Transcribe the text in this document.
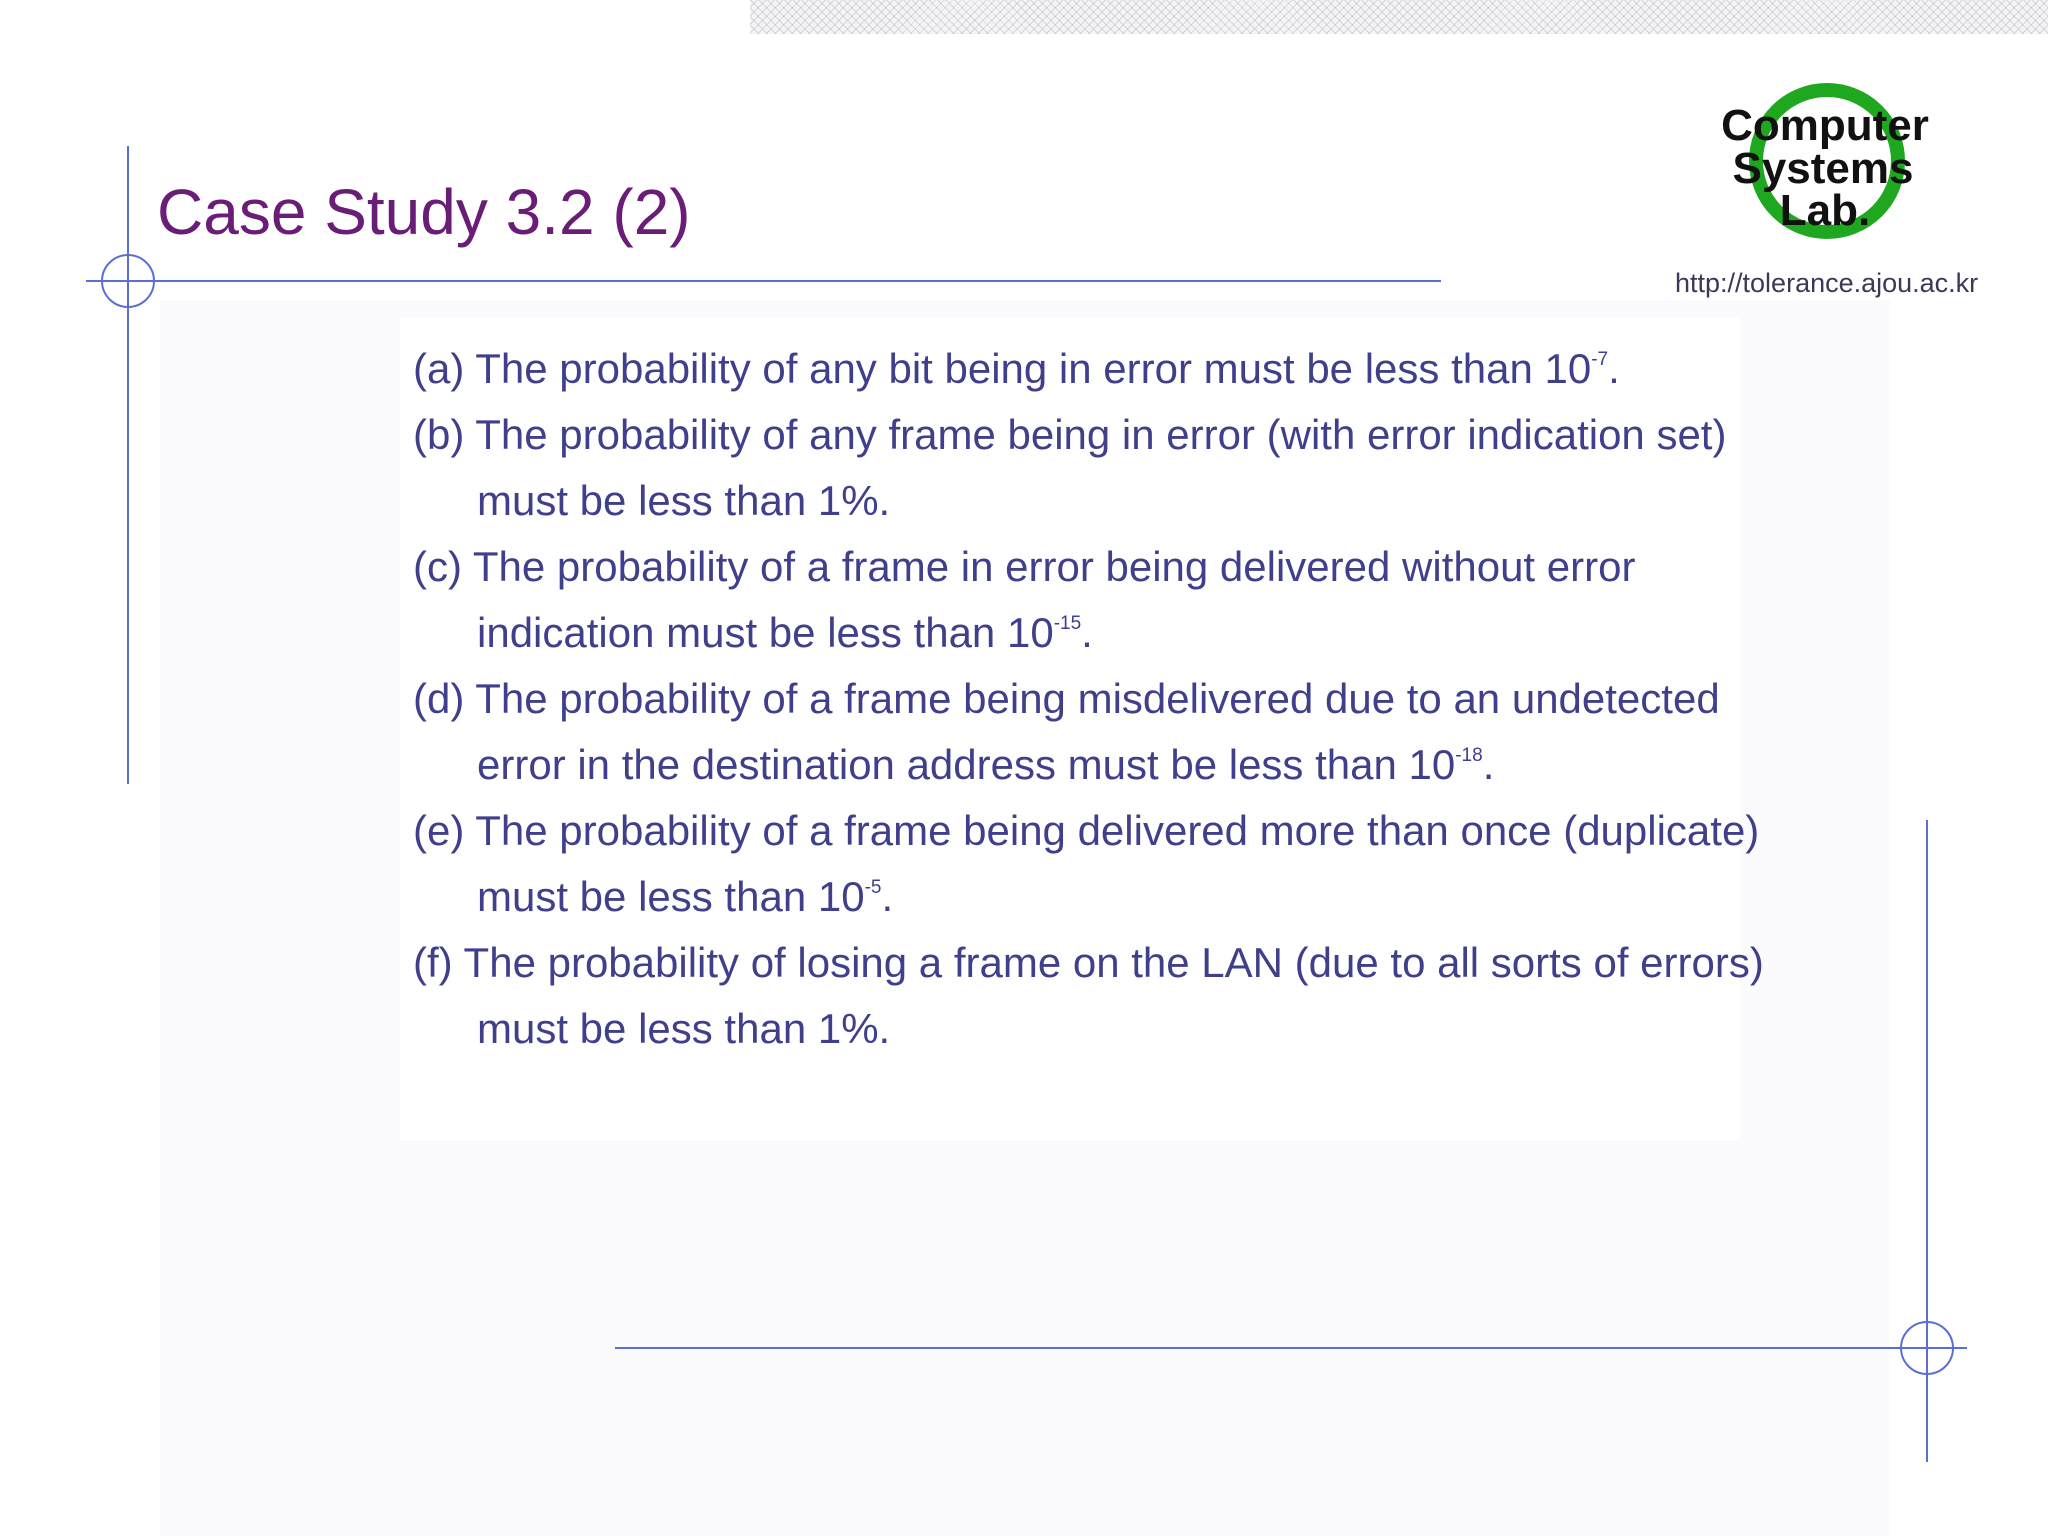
Case Study 3.2 (2)
Computer
Systems
Lab.
http://tolerance.ajou.ac.kr
(a) The probability of any bit being in error must be less than $10^{-7}$.
(b) The probability of any frame being in error (with error indication set) must be less than 1%.
(c) The probability of a frame in error being delivered without error indication must be less than $10^{-15}$.
(d) The probability of a frame being misdelivered due to an undetected error in the destination address must be less than $10^{-18}$.
(e) The probability of a frame being delivered more than once (duplicate) must be less than $10^{-5}$.
(f) The probability of losing a frame on the LAN (due to all sorts of errors) must be less than 1%.
